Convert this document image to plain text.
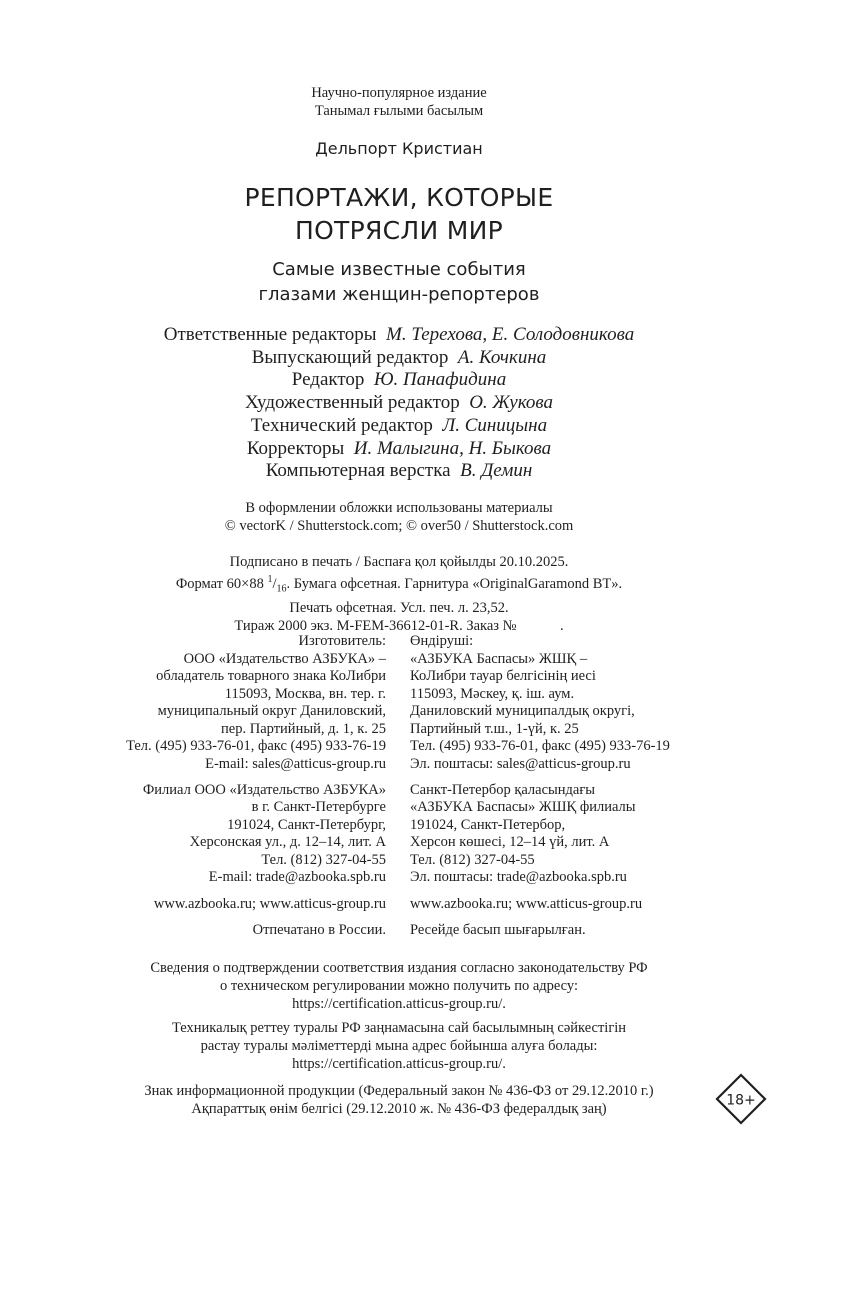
Научно-популярное издание
Танымал ғылыми басылым
Дельпорт Кристиан
РЕПОРТАЖИ, КОТОРЫЕ
ПОТРЯСЛИ МИР
Самые известные события
глазами женщин-репортеров
Ответственные редакторы М. Терехова, Е. Солодовникова
Выпускающий редактор А. Кочкина
Редактор Ю. Панафидина
Художественный редактор О. Жукова
Технический редактор Л. Синицына
Корректоры И. Малыгина, Н. Быкова
Компьютерная верстка В. Демин
В оформлении обложки использованы материалы
© vectorK / Shutterstock.com; © over50 / Shutterstock.com
Подписано в печать / Баспаға қол қойылды 20.10.2025.
Формат 60×88 $^1/_{16}$. Бумага офсетная. Гарнитура «OriginalGaramond BT».
Печать офсетная. Усл. печ. л. 23,52.
Тираж 2000 экз. M-FEM-36612-01-R. Заказ №            .
Изготовитель:
ООО «Издательство АЗБУКА» –
обладатель товарного знака КоЛибри
115093, Москва, вн. тер. г.
муниципальный округ Даниловский,
пер. Партийный, д. 1, к. 25
Тел. (495) 933-76-01, факс (495) 933-76-19
E-mail: sales@atticus-group.ru
Филиал ООО «Издательство АЗБУКА»
в г. Санкт-Петербурге
191024, Санкт-Петербург,
Херсонская ул., д. 12–14, лит. А
Тел. (812) 327-04-55
E-mail: trade@azbooka.spb.ru
www.azbooka.ru; www.atticus-group.ru
Отпечатано в России.
Өндіруші:
«АЗБУКА Баспасы» ЖШҚ –
КоЛибри тауар белгісінің иесі
115093, Мәскеу, қ. іш. аум.
Даниловский муниципалдық округі,
Партийный т.ш., 1-үй, к. 25
Тел. (495) 933-76-01, факс (495) 933-76-19
Эл. поштасы: sales@atticus-group.ru
Санкт-Петербор қаласындағы
«АЗБУКА Баспасы» ЖШҚ филиалы
191024, Санкт-Петербор,
Херсон көшесі, 12–14 үй, лит. А
Тел. (812) 327-04-55
Эл. поштасы: trade@azbooka.spb.ru
www.azbooka.ru; www.atticus-group.ru
Ресейде басып шығарылған.
Сведения о подтверждении соответствия издания согласно законодательству РФ
о техническом регулировании можно получить по адресу:
https://certification.atticus-group.ru/.
Техникалық реттеу туралы РФ заңнамасына сай басылымның сәйкестігін
растау туралы мәліметтерді мына адрес бойынша алуға болады:
https://certification.atticus-group.ru/.
Знак информационной продукции (Федеральный закон № 436-ФЗ от 29.12.2010 г.)
Ақпараттық өнім белгісі (29.12.2010 ж. № 436-ФЗ федералдық заң)
18+
